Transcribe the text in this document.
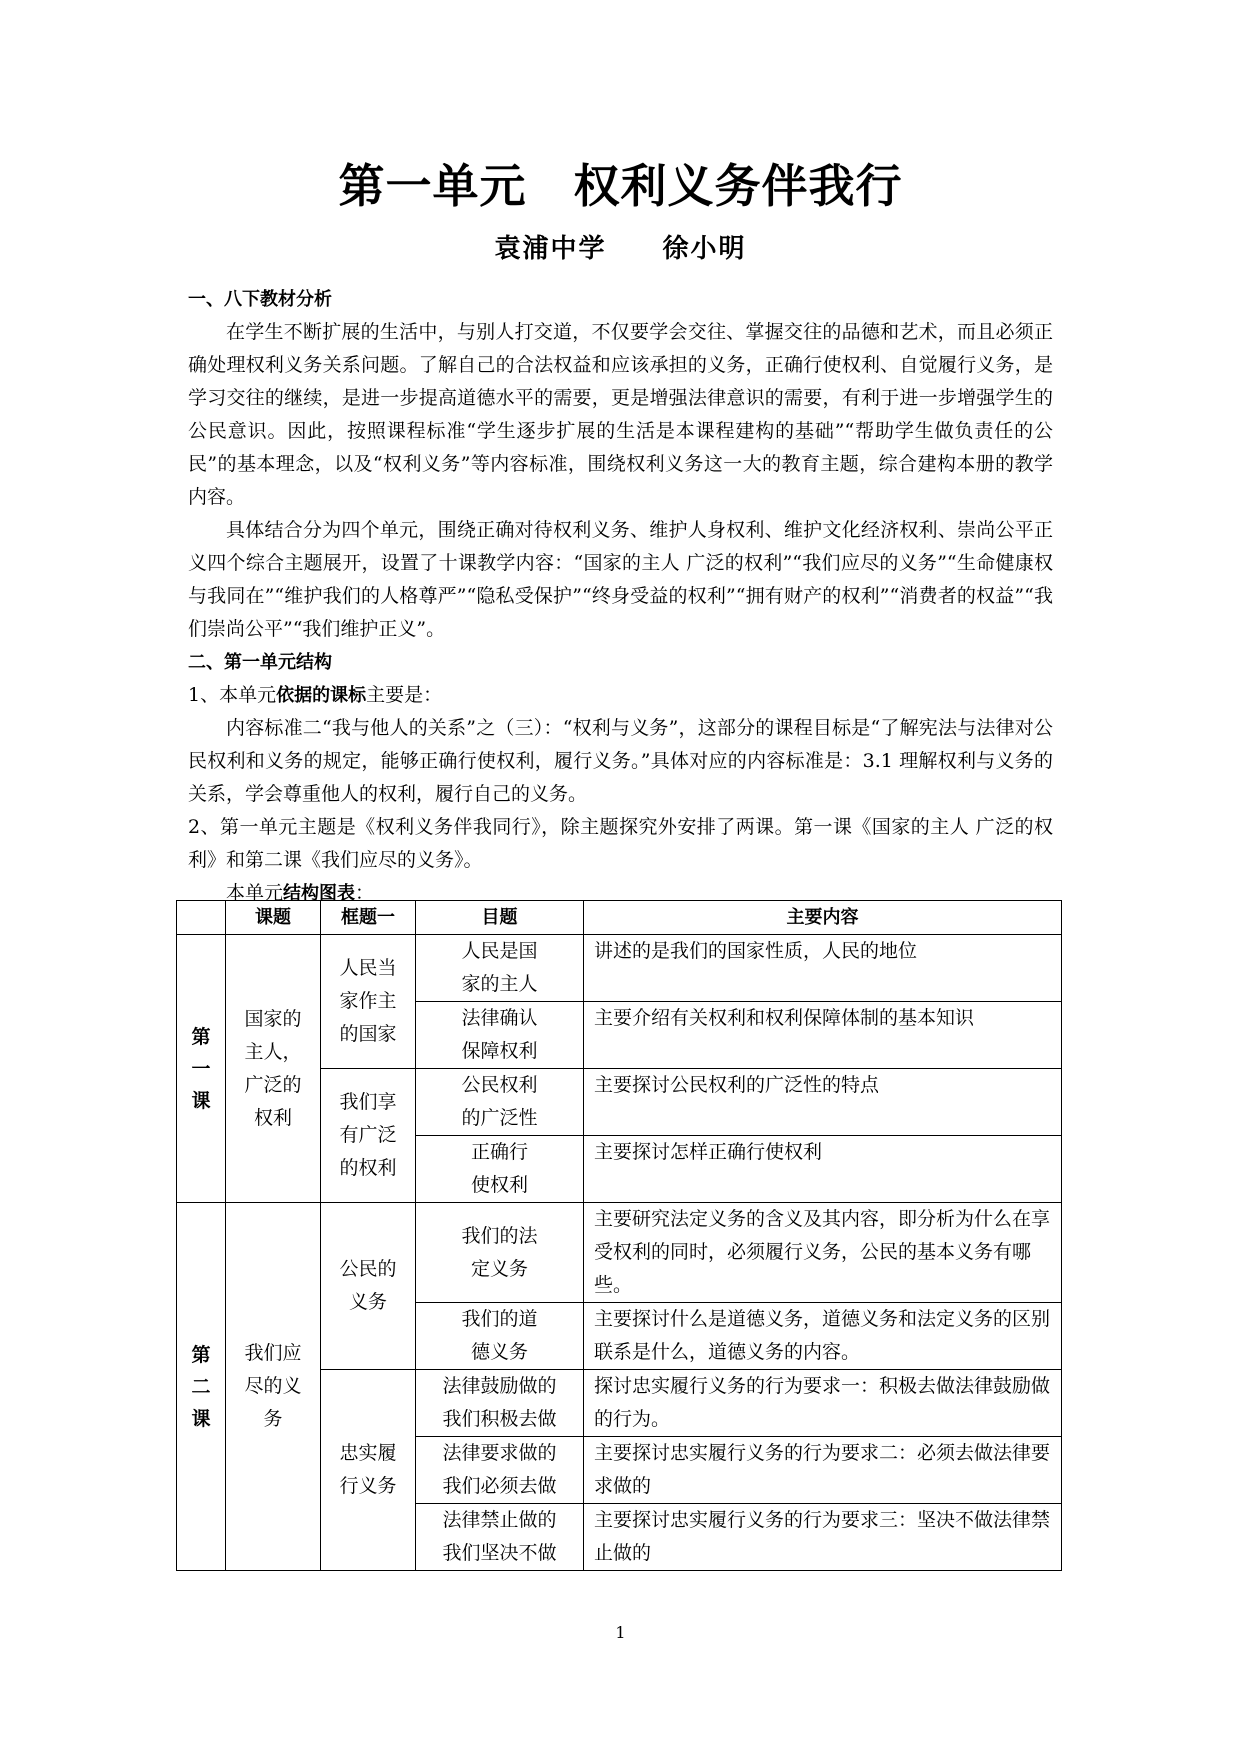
第一单元　权利义务伴我行
袁浦中学　　徐小明

一、八下教材分析

在学生不断扩展的生活中，与别人打交道，不仅要学会交往、掌握交往的品德和艺术，而且必须正确处理权利义务关系问题。了解自己的合法权益和应该承担的义务，正确行使权利、自觉履行义务，是学习交往的继续，是进一步提高道德水平的需要，更是增强法律意识的需要，有利于进一步增强学生的公民意识。因此，按照课程标准“学生逐步扩展的生活是本课程建构的基础”“帮助学生做负责任的公民”的基本理念，以及“权利义务”等内容标准，围绕权利义务这一大的教育主题，综合建构本册的教学内容。

具体结合分为四个单元，围绕正确对待权利义务、维护人身权利、维护文化经济权利、崇尚公平正义四个综合主题展开，设置了十课教学内容：“国家的主人 广泛的权利”“我们应尽的义务”“生命健康权与我同在”“维护我们的人格尊严”“隐私受保护”“终身受益的权利”“拥有财产的权利”“消费者的权益”“我们崇尚公平”“我们维护正义”。

二、第一单元结构

1、本单元依据的课标主要是：

内容标准二“我与他人的关系”之（三）：“权利与义务”，这部分的课程目标是“了解宪法与法律对公民权利和义务的规定，能够正确行使权利，履行义务。”具体对应的内容标准是：3.1 理解权利与义务的关系，学会尊重他人的权利，履行自己的义务。

2、第一单元主题是《权利义务伴我同行》，除主题探究外安排了两课。第一课《国家的主人 广泛的权利》和第二课《我们应尽的义务》。

本单元结构图表：

	课题	框题一	目题	主要内容
第一课	国家的主人，广泛的权利	人民当家作主的国家	人民是国家的主人	讲述的是我们的国家性质，人民的地位
			法律确认保障权利	主要介绍有关权利和权利保障体制的基本知识
		我们享有广泛的权利	公民权利的广泛性	主要探讨公民权利的广泛性的特点
			正确行使权利	主要探讨怎样正确行使权利
第二课	我们应尽的义务	公民的义务	我们的法定义务	主要研究法定义务的含义及其内容，即分析为什么在享受权利的同时，必须履行义务，公民的基本义务有哪些。
			我们的道德义务	主要探讨什么是道德义务，道德义务和法定义务的区别联系是什么，道德义务的内容。
		忠实履行义务	法律鼓励做的我们积极去做	探讨忠实履行义务的行为要求一：积极去做法律鼓励做的行为。
			法律要求做的我们必须去做	主要探讨忠实履行义务的行为要求二：必须去做法律要求做的
			法律禁止做的我们坚决不做	主要探讨忠实履行义务的行为要求三：坚决不做法律禁止做的
1
